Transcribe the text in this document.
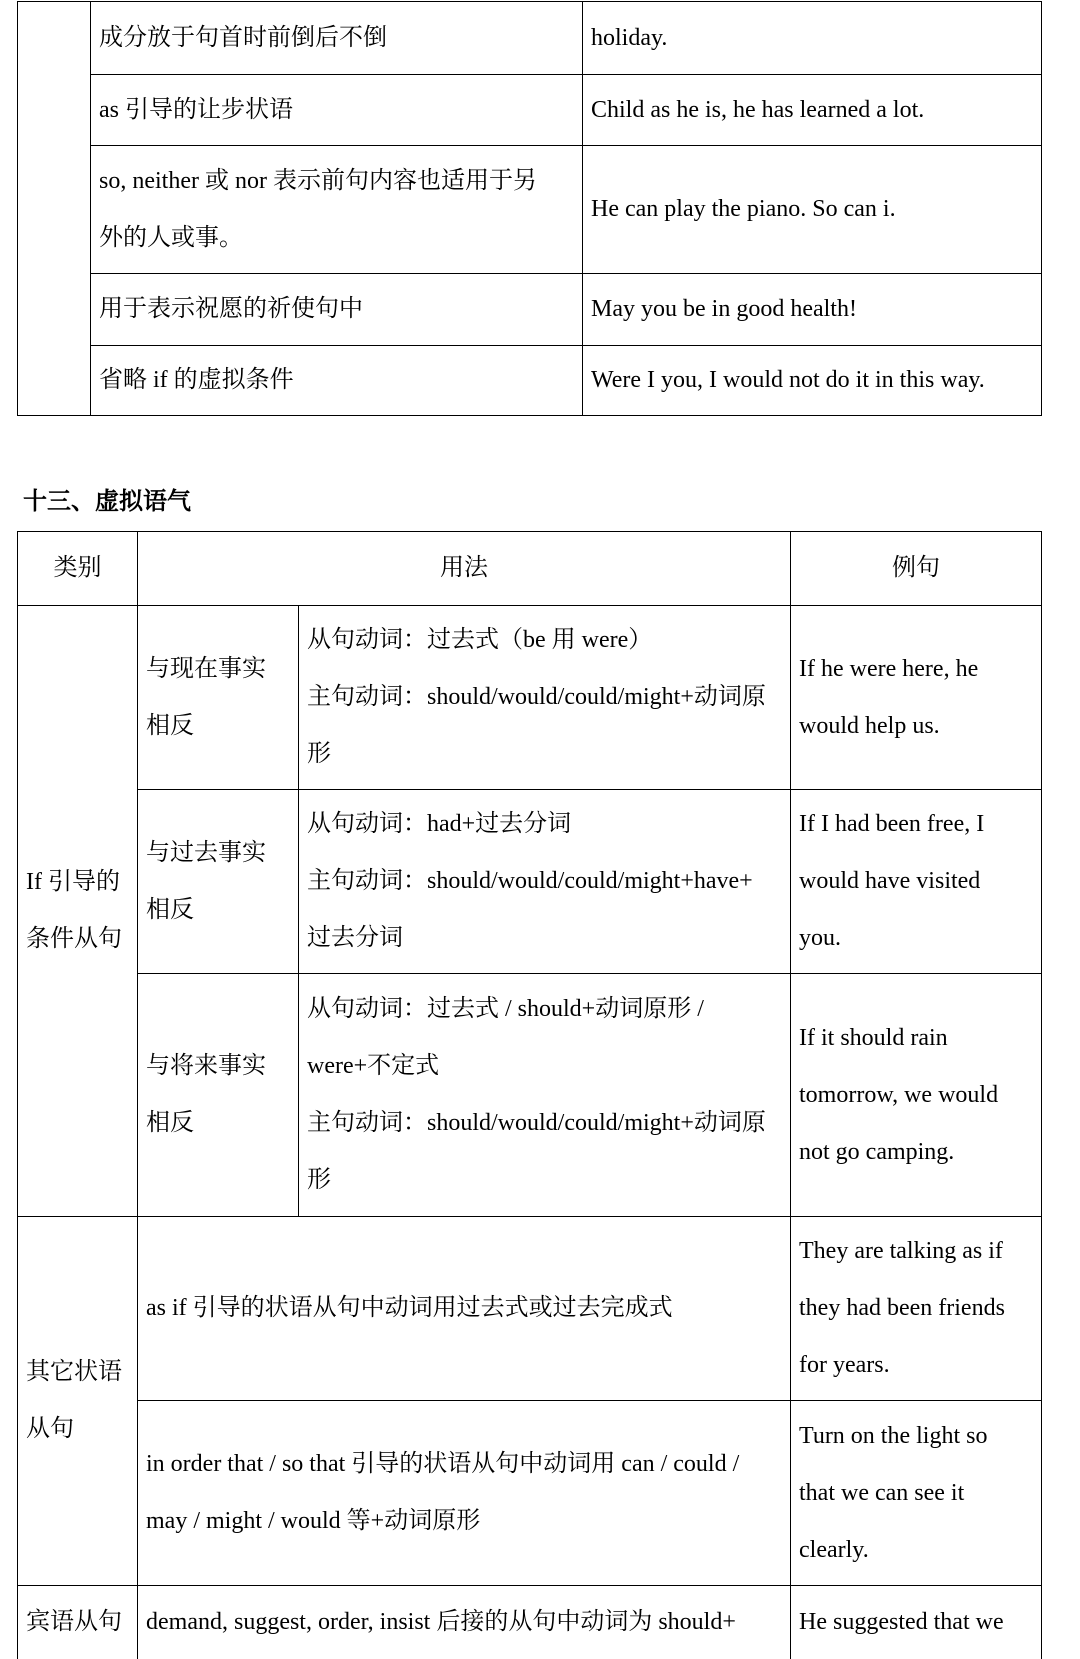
	成分放于句首时前倒后不倒	holiday.

	as 引导的让步状语	Child as he is, he has learned a lot.

	so, neither 或 nor 表示前句内容也适用于另
外的人或事。	He can play the piano. So can i.

	用于表示祝愿的祈使句中	May you be in good health!

	省略 if 的虚拟条件	Were I you, I would not do it in this way.
十三、虚拟语气
类别	用法		例句

If 引导的
条件从句	与现在事实
相反	从句动词：过去式（be 用 were）
主句动词：should/would/could/might+动词原
形	If he were here, he
would help us.

	与过去事实
相反	从句动词：had+过去分词
主句动词：should/would/could/might+have+
过去分词	If I had been free, I
would have visited
you.

	与将来事实
相反	从句动词：过去式 / should+动词原形 /
were+不定式
主句动词：should/would/could/might+动词原
形	If it should rain
tomorrow, we would
not go camping.

其它状语
从句	as if 引导的状语从句中动词用过去式或过去完成式		They are talking as if
they had been friends
for years.

	in order that / so that 引导的状语从句中动词用 can / could /
may / might / would 等+动词原形		Turn on the light so
that we can see it
clearly.

宾语从句	demand, suggest, order, insist 后接的从句中动词为 should+		He suggested that we
